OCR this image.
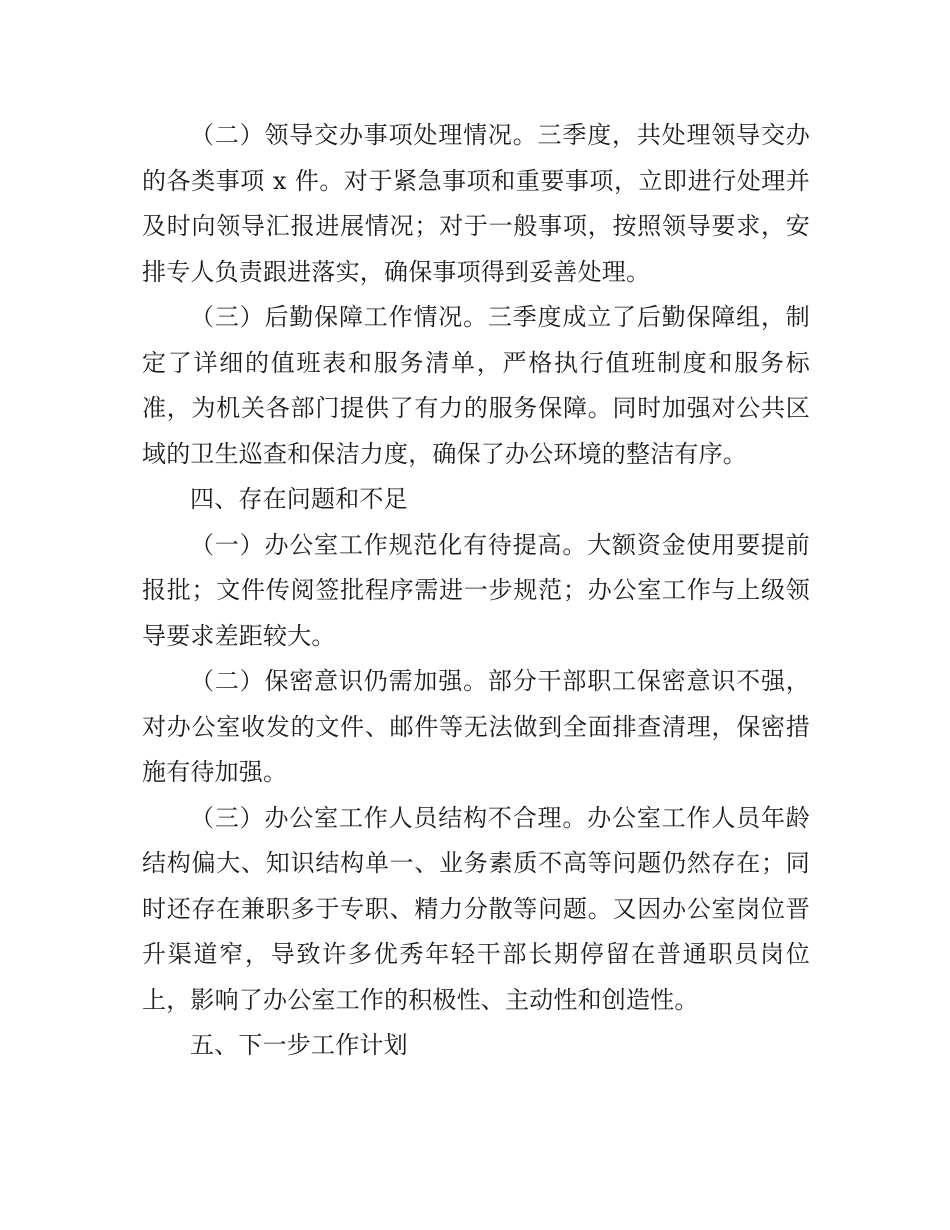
（二）领导交办事项处理情况。三季度，共处理领导交办的各类事项 x 件。对于紧急事项和重要事项，立即进行处理并及时向领导汇报进展情况；对于一般事项，按照领导要求，安排专人负责跟进落实，确保事项得到妥善处理。

（三）后勤保障工作情况。三季度成立了后勤保障组，制定了详细的值班表和服务清单，严格执行值班制度和服务标准，为机关各部门提供了有力的服务保障。同时加强对公共区域的卫生巡查和保洁力度，确保了办公环境的整洁有序。

四、存在问题和不足

（一）办公室工作规范化有待提高。大额资金使用要提前报批；文件传阅签批程序需进一步规范；办公室工作与上级领导要求差距较大。

（二）保密意识仍需加强。部分干部职工保密意识不强，对办公室收发的文件、邮件等无法做到全面排查清理，保密措施有待加强。

（三）办公室工作人员结构不合理。办公室工作人员年龄结构偏大、知识结构单一、业务素质不高等问题仍然存在；同时还存在兼职多于专职、精力分散等问题。又因办公室岗位晋升渠道窄，导致许多优秀年轻干部长期停留在普通职员岗位上，影响了办公室工作的积极性、主动性和创造性。

五、下一步工作计划
